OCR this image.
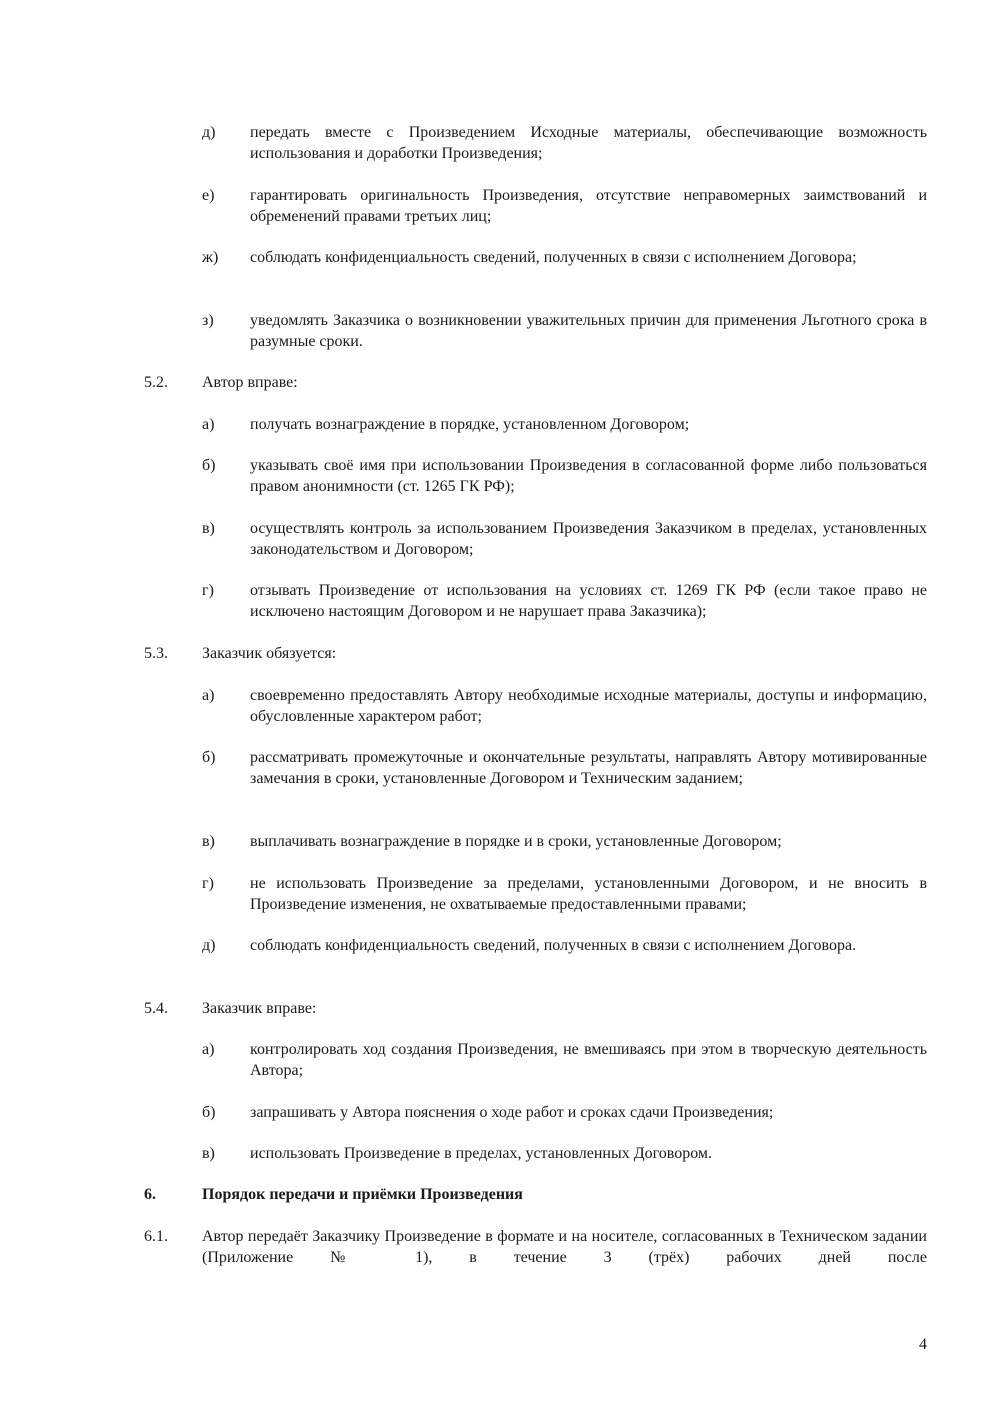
д) передать вместе с Произведением Исходные материалы, обеспечивающие возможность использования и доработки Произведения;
е) гарантировать оригинальность Произведения, отсутствие неправомерных заимствований и обременений правами третьих лиц;
ж) соблюдать конфиденциальность сведений, полученных в связи с исполнением Договора;
з) уведомлять Заказчика о возникновении уважительных причин для применения Льготного срока в разумные сроки.
5.2. Автор вправе:
а) получать вознаграждение в порядке, установленном Договором;
б) указывать своё имя при использовании Произведения в согласованной форме либо пользоваться правом анонимности (ст. 1265 ГК РФ);
в) осуществлять контроль за использованием Произведения Заказчиком в пределах, установленных законодательством и Договором;
г) отзывать Произведение от использования на условиях ст. 1269 ГК РФ (если такое право не исключено настоящим Договором и не нарушает права Заказчика);
5.3. Заказчик обязуется:
а) своевременно предоставлять Автору необходимые исходные материалы, доступы и информацию, обусловленные характером работ;
б) рассматривать промежуточные и окончательные результаты, направлять Автору мотивированные замечания в сроки, установленные Договором и Техническим заданием;
в) выплачивать вознаграждение в порядке и в сроки, установленные Договором;
г) не использовать Произведение за пределами, установленными Договором, и не вносить в Произведение изменения, не охватываемые предоставленными правами;
д) соблюдать конфиденциальность сведений, полученных в связи с исполнением Договора.
5.4. Заказчик вправе:
а) контролировать ход создания Произведения, не вмешиваясь при этом в творческую деятельность Автора;
б) запрашивать у Автора пояснения о ходе работ и сроках сдачи Произведения;
в) использовать Произведение в пределах, установленных Договором.
6.	Порядок передачи и приёмки Произведения
6.1. Автор передаёт Заказчику Произведение в формате и на носителе, согласованных в Техническом задании (Приложение № 1), в течение 3 (трёх) рабочих дней после
4
